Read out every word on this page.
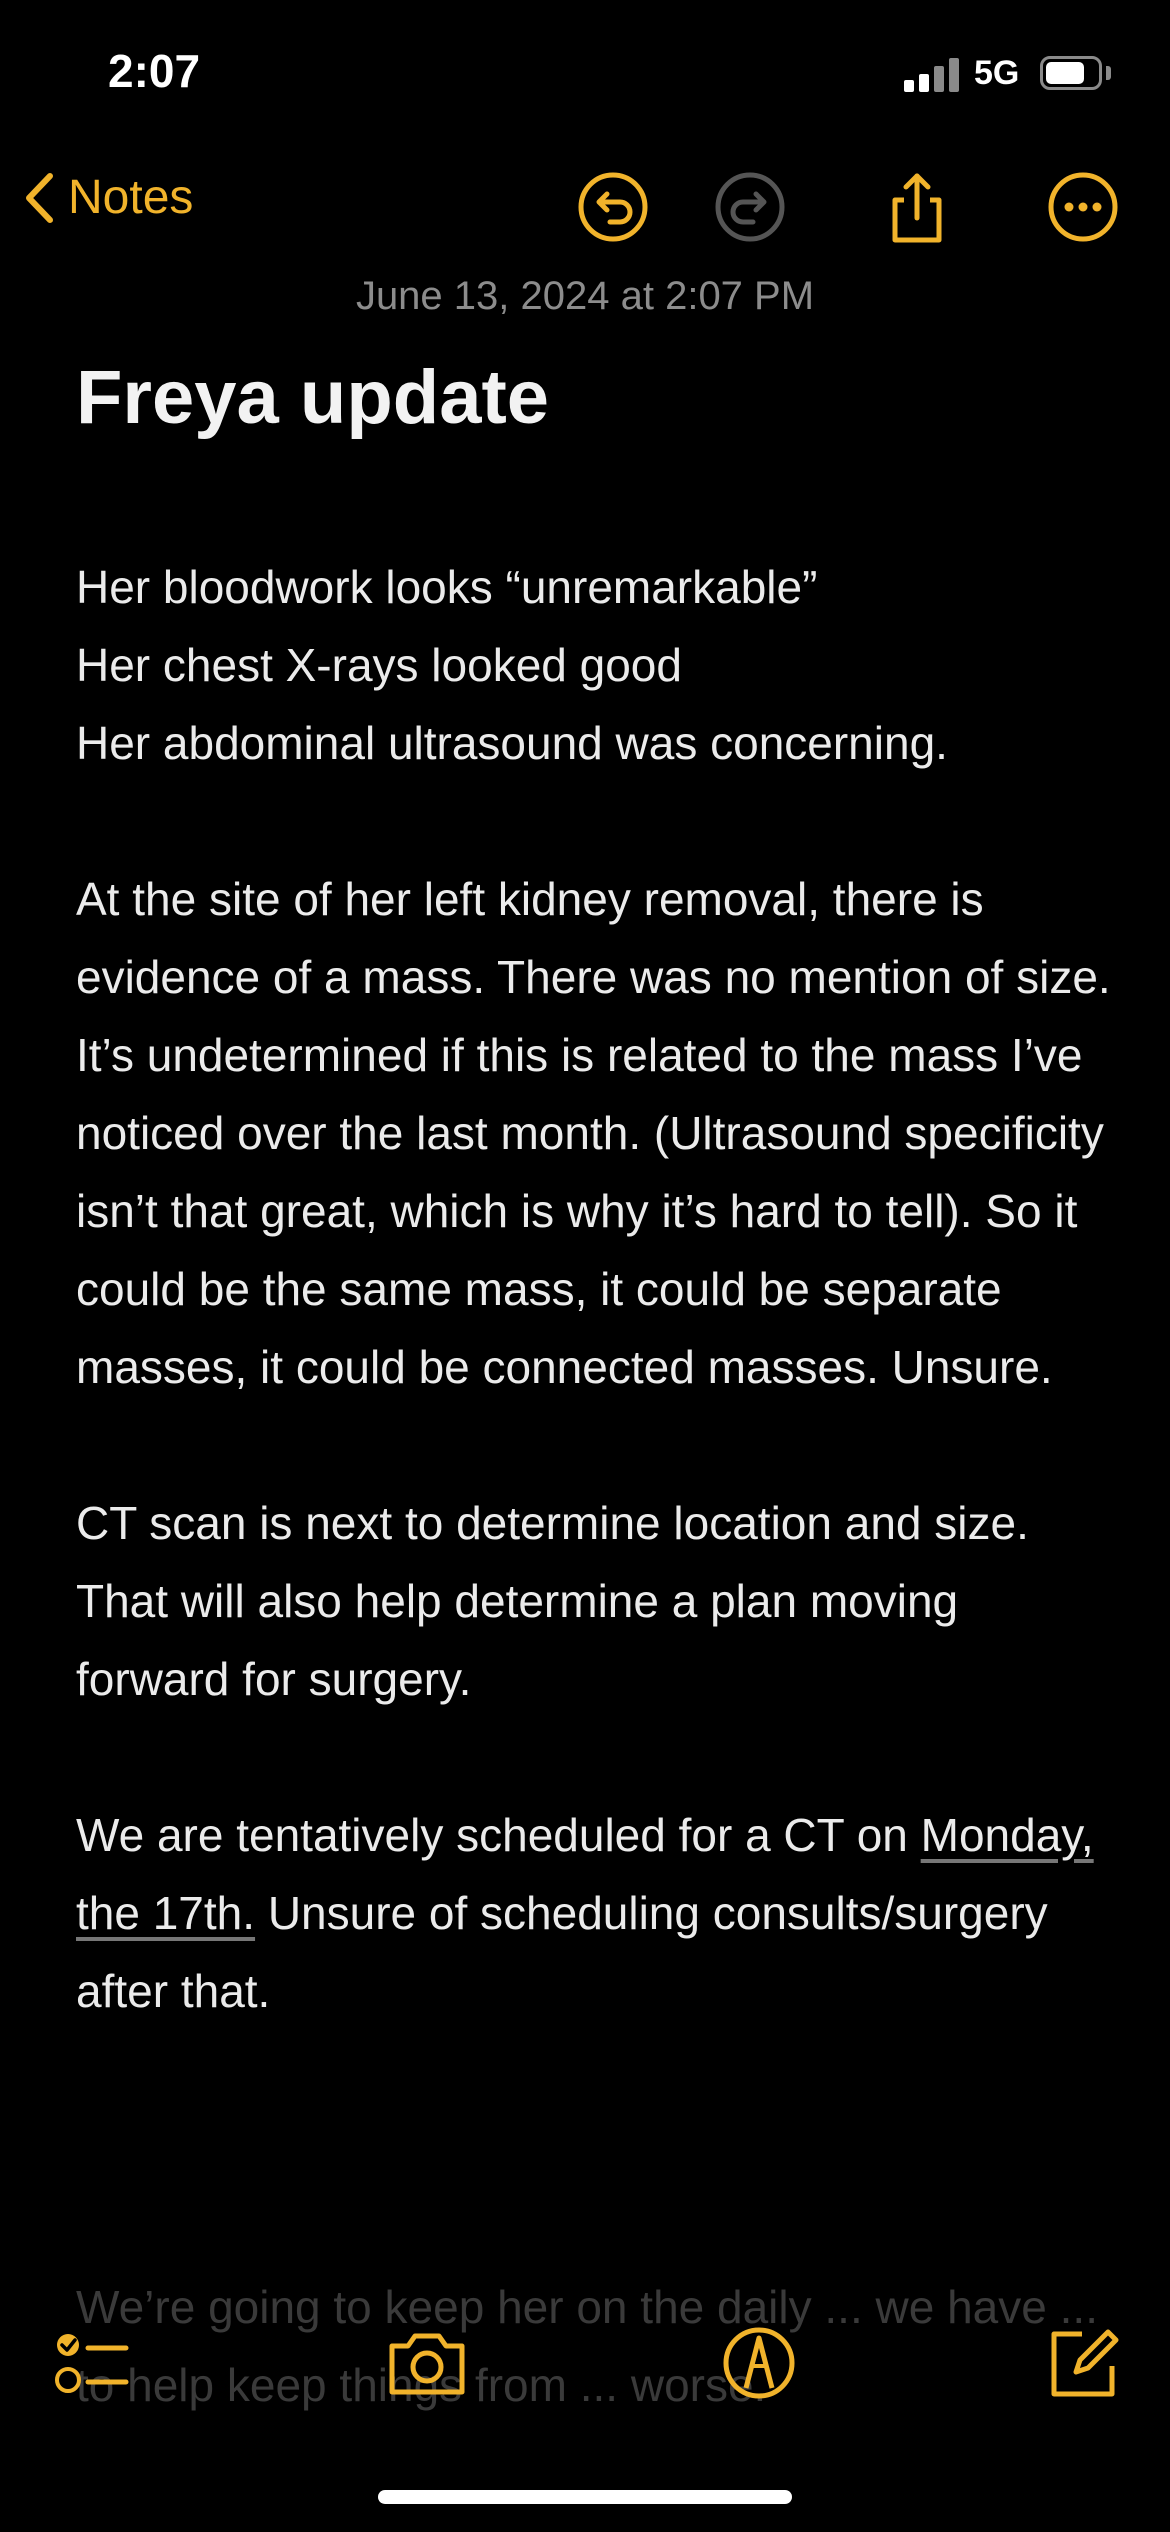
2:07	5G
Notes
June 13, 2024 at 2:07 PM
Freya update

Her bloodwork looks “unremarkable”

Her chest X-rays looked good

Her abdominal ultrasound was concerning.

At the site of her left kidney removal, there is evidence of a mass. There was no mention of size. It’s undetermined if this is related to the mass I’ve noticed over the last month. (Ultrasound specificity isn’t that great, which is why it’s hard to tell). So it could be the same mass, it could be separate masses, it could be connected masses. Unsure.

CT scan is next to determine location and size. That will also help determine a plan moving forward for surgery.

We are tentatively scheduled for a CT on Monday, the 17th. Unsure of scheduling consults/surgery after that.

We’re going to keep her on the daily ... we have ... to help keep things from ... worse.
